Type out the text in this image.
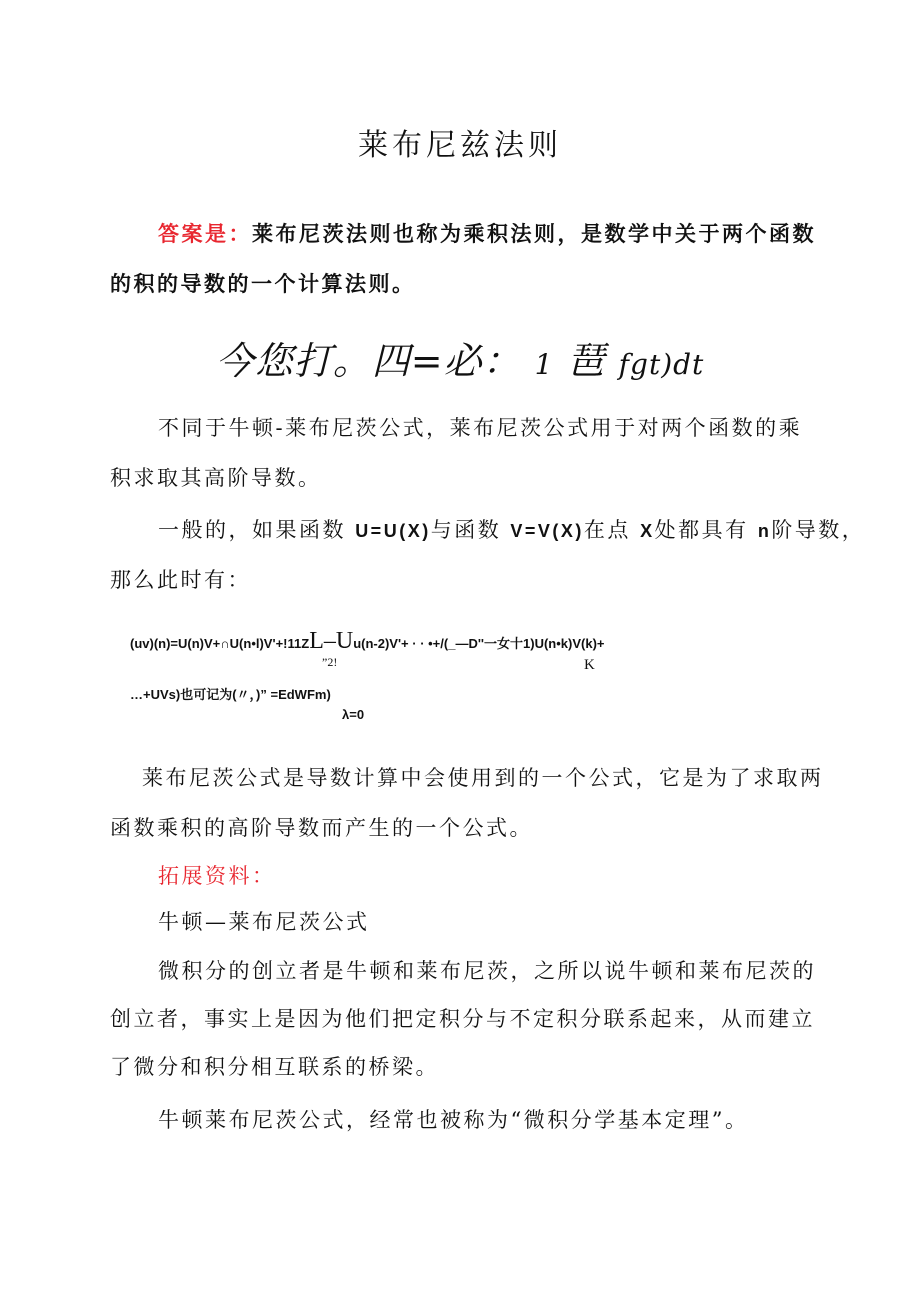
莱布尼兹法则
答案是：莱布尼茨法则也称为乘积法则，是数学中关于两个函数
的积的导数的一个计算法则。
今您打。四=必： 1 琶 fgt)dt
不同于牛顿-莱布尼茨公式，莱布尼茨公式用于对两个函数的乘
积求取其高阶导数。
一般的，如果函数 U=U(X)与函数 V=V(X)在点 X处都具有 n阶导数，
那么此时有：
(uv)(n)=U(n)V+∩U(n•l)V'+!11ZL–Uu(n-2)V'+ · · •+/(_—D''一女十1)U(n•k)V(k)+
”2!	K
…+UVs)也可记为(〃，)” =EdWFm)
λ=0
莱布尼茨公式是导数计算中会使用到的一个公式，它是为了求取两
函数乘积的高阶导数而产生的一个公式。
拓展资料：
牛顿—莱布尼茨公式
微积分的创立者是牛顿和莱布尼茨，之所以说牛顿和莱布尼茨的
创立者，事实上是因为他们把定积分与不定积分联系起来，从而建立
了微分和积分相互联系的桥梁。
牛顿莱布尼茨公式，经常也被称为“微积分学基本定理”。
